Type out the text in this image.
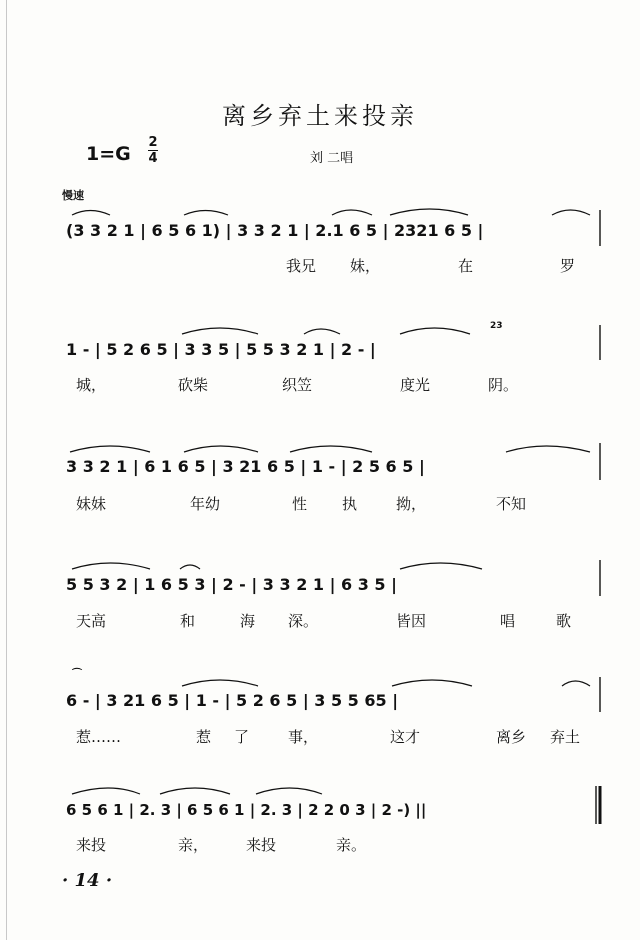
离乡弃土来投亲
1=G
2
4	刘 二唱
慢速
我兄 妹，	在	罗
城，	砍柴	织笠	度光	阴。
妹妹	年幼	性 执	拗，	不知
天高	和	海 深。	皆因	唱	歌
惹……	惹 了	事，	这才	离乡 弃土
来投	亲，	来投	亲。
(3 3 2 1 | 6 5 6 1) | 3 3 2 1 | 2.1 6 5 | 2321 6 5 |
1 - | 5 2 6 5 | 3 3 5 | 5 5 3 2 1 | 2 - |
23
3 3 2 1 | 6 1 6 5 | 3 21 6 5 | 1 - | 2 5 6 5 |
5 5 3 2 | 1 6 5 3 | 2 - | 3 3 2 1 | 6 3 5 |
6 - | 3 21 6 5 | 1 - | 5 2 6 5 | 3 5 5 65 |
⌒
6 5 6 1 | 2. 3 | 6 5 6 1 | 2. 3 | 2 2 0 3 | 2 -) ||
· 14 ·
